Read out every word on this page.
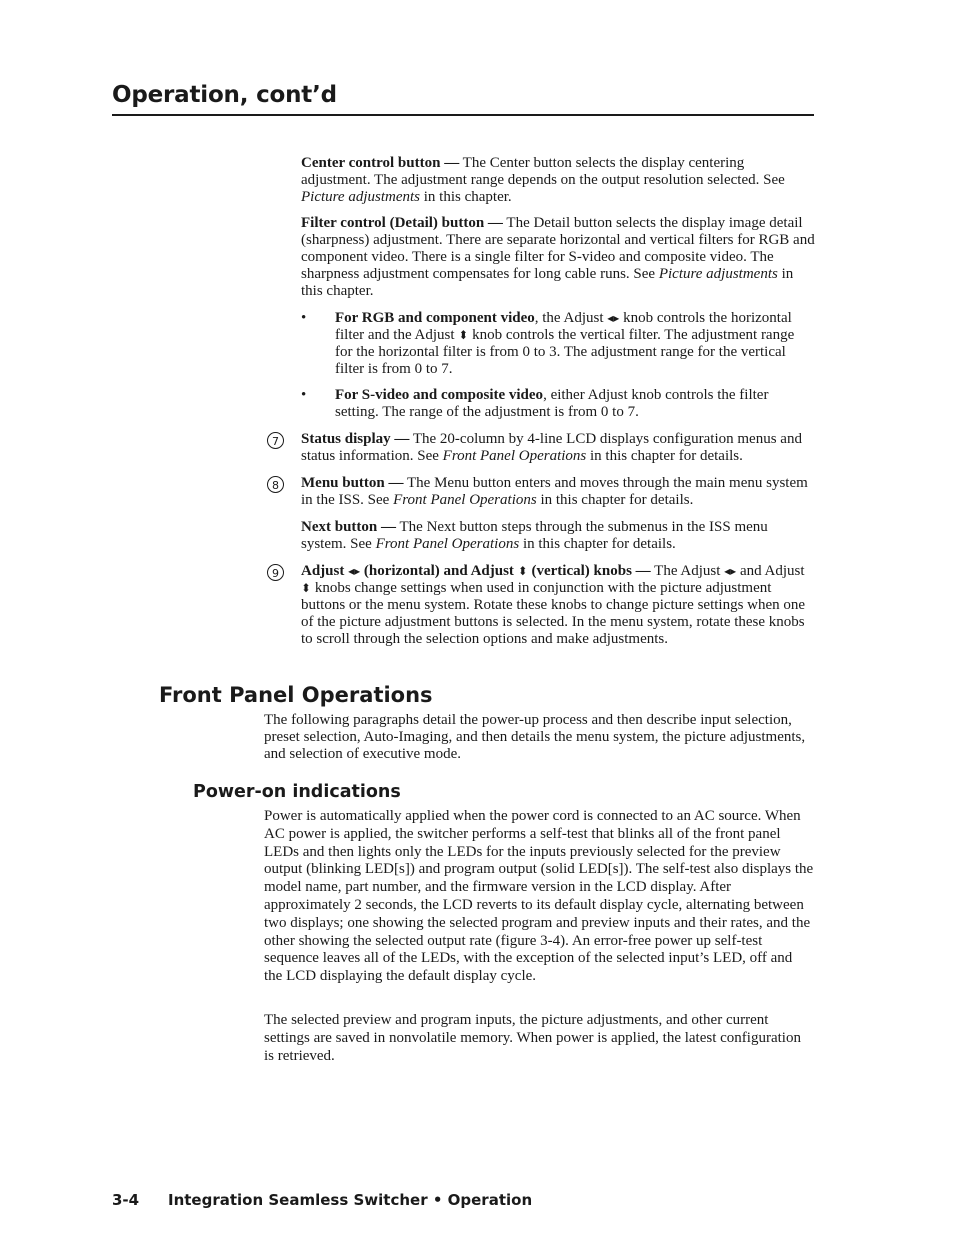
Operation, cont’d

Center control button — The Center button selects the display centering adjustment. The adjustment range depends on the output resolution selected. See Picture adjustments in this chapter.

Filter control (Detail) button — The Detail button selects the display image detail (sharpness) adjustment. There are separate horizontal and vertical filters for RGB and component video. There is a single filter for S-video and composite video. The sharpness adjustment compensates for long cable runs. See Picture adjustments in this chapter.

• For RGB and component video, the Adjust ◂▸ knob controls the horizontal filter and the Adjust ⬍ knob controls the vertical filter. The adjustment range for the horizontal filter is from 0 to 3. The adjustment range for the vertical filter is from 0 to 7.

• For S-video and composite video, either Adjust knob controls the filter setting. The range of the adjustment is from 0 to 7.

7	Status display — The 20-column by 4-line LCD displays configuration menus and status information. See Front Panel Operations in this chapter for details.

8	Menu button — The Menu button enters and moves through the main menu system in the ISS. See Front Panel Operations in this chapter for details.

Next button — The Next button steps through the submenus in the ISS menu system. See Front Panel Operations in this chapter for details.

9	Adjust ◂▸ (horizontal) and Adjust ⬍ (vertical) knobs — The Adjust ◂▸ and Adjust ⬍ knobs change settings when used in conjunction with the picture adjustment buttons or the menu system. Rotate these knobs to change picture settings when one of the picture adjustment buttons is selected. In the menu system, rotate these knobs to scroll through the selection options and make adjustments.

Front Panel Operations

The following paragraphs detail the power-up process and then describe input selection, preset selection, Auto-Imaging, and then details the menu system, the picture adjustments, and selection of executive mode.

Power-on indications

Power is automatically applied when the power cord is connected to an AC source. When AC power is applied, the switcher performs a self-test that blinks all of the front panel LEDs and then lights only the LEDs for the inputs previously selected for the preview output (blinking LED[s]) and program output (solid LED[s]). The self-test also displays the model name, part number, and the firmware version in the LCD display. After approximately 2 seconds, the LCD reverts to its default display cycle, alternating between two displays; one showing the selected program and preview inputs and their rates, and the other showing the selected output rate (figure 3-4). An error-free power up self-test sequence leaves all of the LEDs, with the exception of the selected input’s LED, off and the LCD displaying the default display cycle.

The selected preview and program inputs, the picture adjustments, and other current settings are saved in nonvolatile memory. When power is applied, the latest configuration is retrieved.

3-4 Integration Seamless Switcher • Operation
